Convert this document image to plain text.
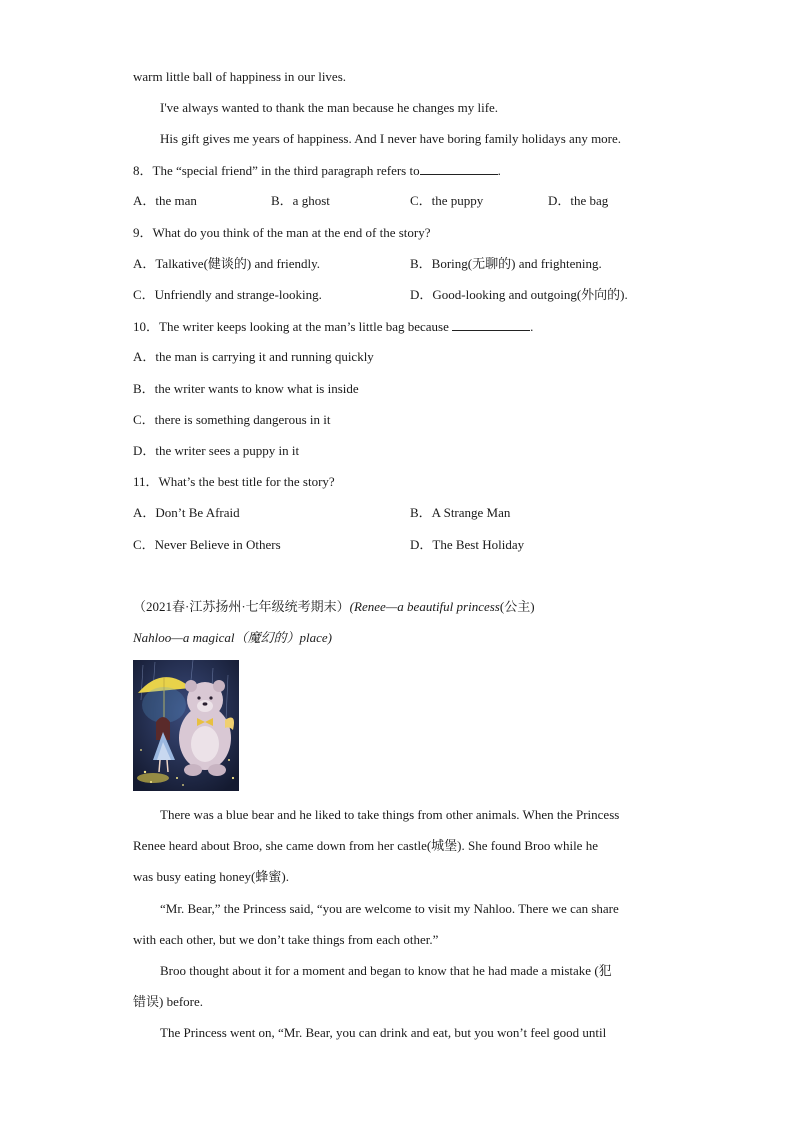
warm little ball of happiness in our lives.
I've always wanted to thank the man because he changes my life.
His gift gives me years of happiness. And I never have boring family holidays any more.
8．The “special friend” in the third paragraph refers to	.
A．the man	B．a ghost	C．the puppy	D．the bag
9．What do you think of the man at the end of the story?
A．Talkative(健谈的) and friendly.	B．Boring(无聊的) and frightening.
C．Unfriendly and strange-looking.	D．Good-looking and outgoing(外向的).
10．The writer keeps looking at the man’s little bag because	.
A．the man is carrying it and running quickly
B．the writer wants to know what is inside
C．there is something dangerous in it
D．the writer sees a puppy in it
11．What’s the best title for the story?
A．Don’t Be Afraid	B．A Strange Man
C．Never Believe in Others	D．The Best Holiday
（2021春·江苏扬州·七年级统考期末）(Renee—a beautiful princess(公主)
Nahloo—a magical（魔幻的）place)
There was a blue bear and he liked to take things from other animals. When the Princess
Renee heard about Broo, she came down from her castle(城堡). She found Broo while he
was busy eating honey(蜂蜜).
“Mr. Bear,” the Princess said, “you are welcome to visit my Nahloo. There we can share
with each other, but we don’t take things from each other.”
Broo thought about it for a moment and began to know that he had made a mistake (犯
错误) before.
The Princess went on, “Mr. Bear, you can drink and eat, but you won’t feel good until
